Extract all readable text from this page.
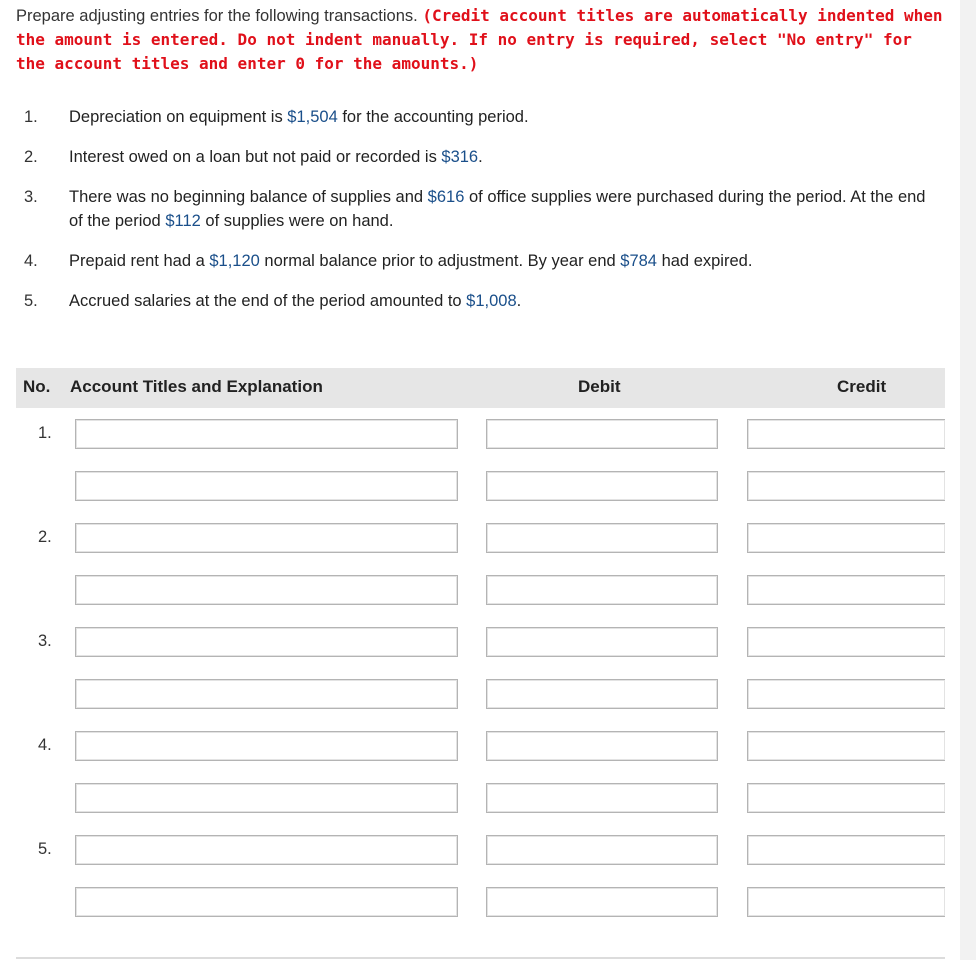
Prepare adjusting entries for the following transactions. (Credit account titles are automatically indented when the amount is entered. Do not indent manually. If no entry is required, select "No entry" for the account titles and enter 0 for the amounts.)
1. Depreciation on equipment is $1,504 for the accounting period.
2. Interest owed on a loan but not paid or recorded is $316.
3. There was no beginning balance of supplies and $616 of office supplies were purchased during the period. At the end of the period $112 of supplies were on hand.
4. Prepaid rent had a $1,120 normal balance prior to adjustment. By year end $784 had expired.
5. Accrued salaries at the end of the period amounted to $1,008.
No. Account Titles and Explanation	Debit	Credit
1.
2.
3.
4.
5.
